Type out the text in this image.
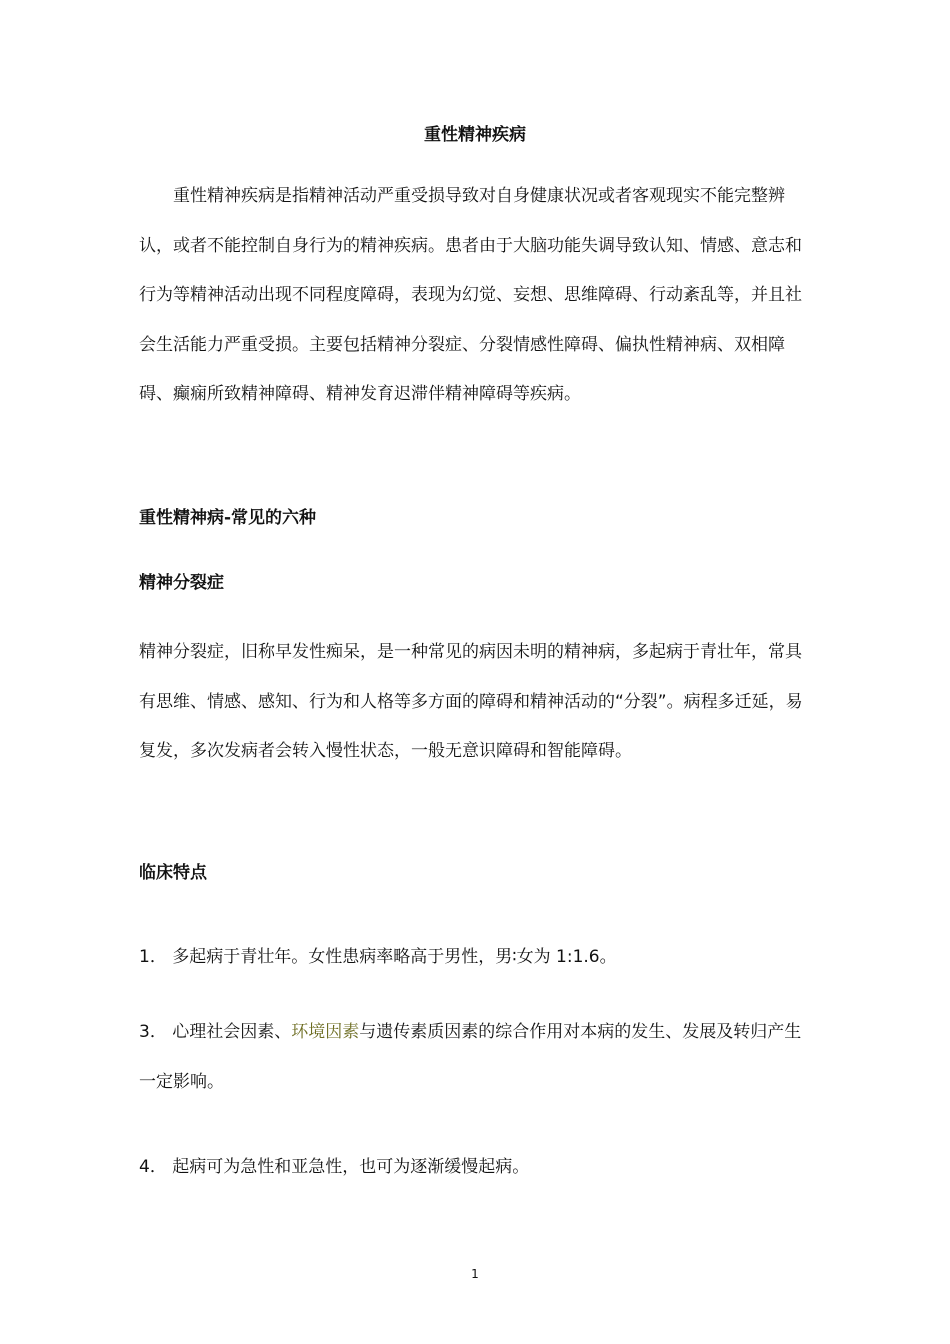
重性精神疾病

重性精神疾病是指精神活动严重受损导致对自身健康状况或者客观现实不能完整辨认，或者不能控制自身行为的精神疾病。患者由于大脑功能失调导致认知、情感、意志和行为等精神活动出现不同程度障碍，表现为幻觉、妄想、思维障碍、行动紊乱等，并且社会生活能力严重受损。主要包括精神分裂症、分裂情感性障碍、偏执性精神病、双相障碍、癫痫所致精神障碍、精神发育迟滞伴精神障碍等疾病。

重性精神病-常见的六种
精神分裂症

精神分裂症，旧称早发性痴呆，是一种常见的病因未明的精神病，多起病于青壮年，常具有思维、情感、感知、行为和人格等多方面的障碍和精神活动的“分裂”。病程多迁延，易复发，多次发病者会转入慢性状态，一般无意识障碍和智能障碍。

临床特点
1． 多起病于青壮年。女性患病率略高于男性，男∶女为 1:1.6。

3． 心理社会因素、环境因素与遗传素质因素的综合作用对本病的发生、发展及转归产生一定影响。

4． 起病可为急性和亚急性，也可为逐渐缓慢起病。
1
